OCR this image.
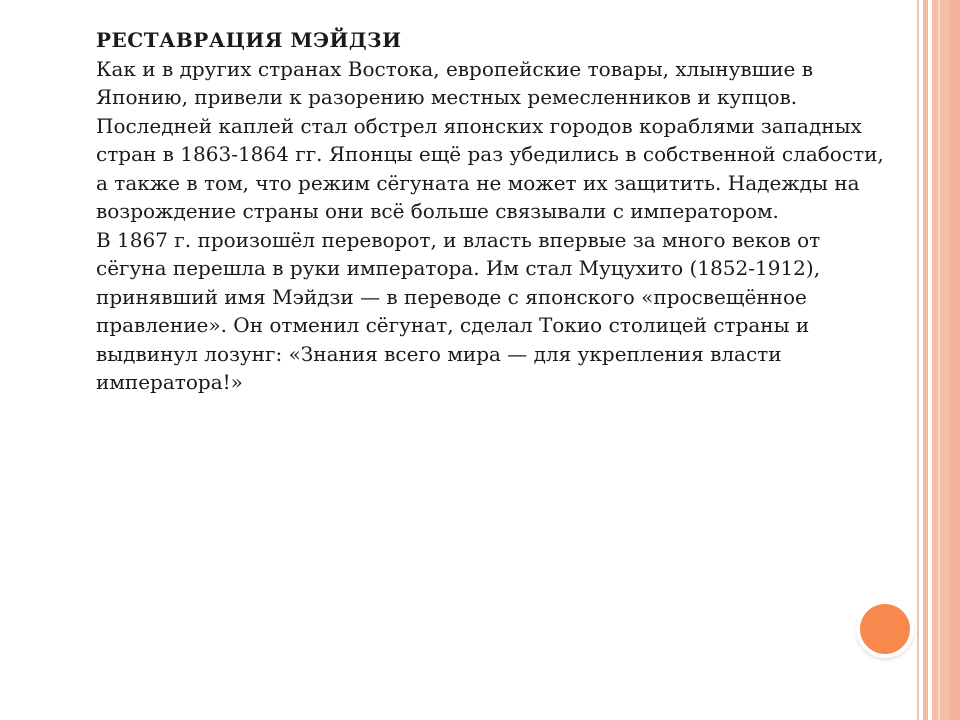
РЕСТАВРАЦИЯ МЭЙДЗИ

Как и в других странах Востока, европейские товары, хлынувшие в Японию, привели к разорению местных ремесленников и купцов. Последней каплей стал обстрел японских городов кораблями западных стран в 1863-1864 гг. Японцы ещё раз убедились в собственной слабости, а также в том, что режим сёгуната не может их защитить. Надежды на возрождение страны они всё больше связывали с императором.

В 1867 г. произошёл переворот, и власть впервые за много веков от сёгуна перешла в руки императора. Им стал Муцухито (1852-1912), принявший имя Мэйдзи — в переводе с японского «просвещённое правление». Он отменил сёгунат, сделал Токио столицей страны и выдвинул лозунг: «Знания всего мира — для укрепления власти императора!»
